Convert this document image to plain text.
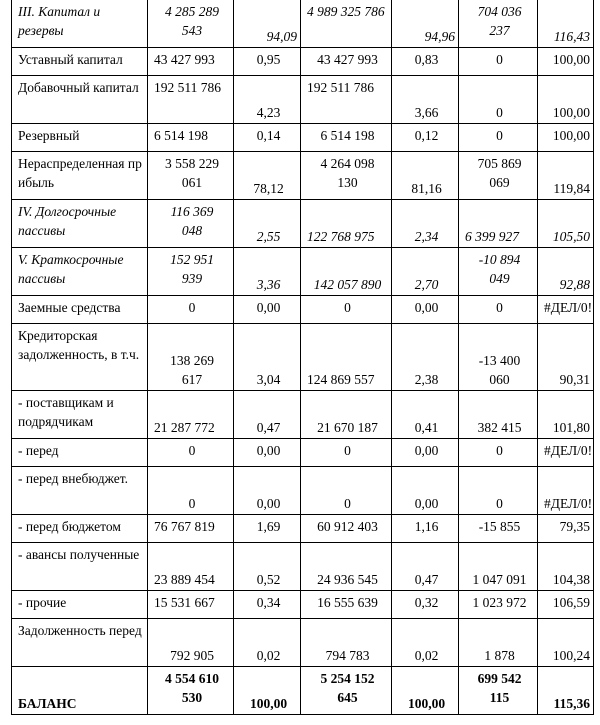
III. Капитал и резервы	4 285 289 543	94,09	4 989 325 786	94,96	704 036 237	116,43
Уставный капитал	43 427 993	0,95	43 427 993	0,83	0	100,00
Добавочный капитал	192 511 786	4,23	192 511 786	3,66	0	100,00
Резервный	6 514 198	0,14	6 514 198	0,12	0	100,00
Нераспределенная прибыль	3 558 229 061	78,12	4 264 098 130	81,16	705 869 069	119,84
IV. Долгосрочные пассивы	116 369 048	2,55	122 768 975	2,34	6 399 927	105,50
V. Краткосрочные пассивы	152 951 939	3,36	142 057 890	2,70	-10 894 049	92,88
Заемные средства	0	0,00	0	0,00	0	#ДЕЛ/0!
Кредиторская задолженность, в т.ч.	138 269 617	3,04	124 869 557	2,38	-13 400 060	90,31
- поставщикам и подрядчикам	21 287 772	0,47	21 670 187	0,41	382 415	101,80
- перед	0	0,00	0	0,00	0	#ДЕЛ/0!
- перед внебюджет.	0	0,00	0	0,00	0	#ДЕЛ/0!
- перед бюджетом	76 767 819	1,69	60 912 403	1,16	-15 855	79,35
- авансы полученные	23 889 454	0,52	24 936 545	0,47	1 047 091	104,38
- прочие	15 531 667	0,34	16 555 639	0,32	1 023 972	106,59
Задолженность перед	792 905	0,02	794 783	0,02	1 878	100,24
БАЛАНС	4 554 610 530	100,00	5 254 152 645	100,00	699 542 115	115,36
